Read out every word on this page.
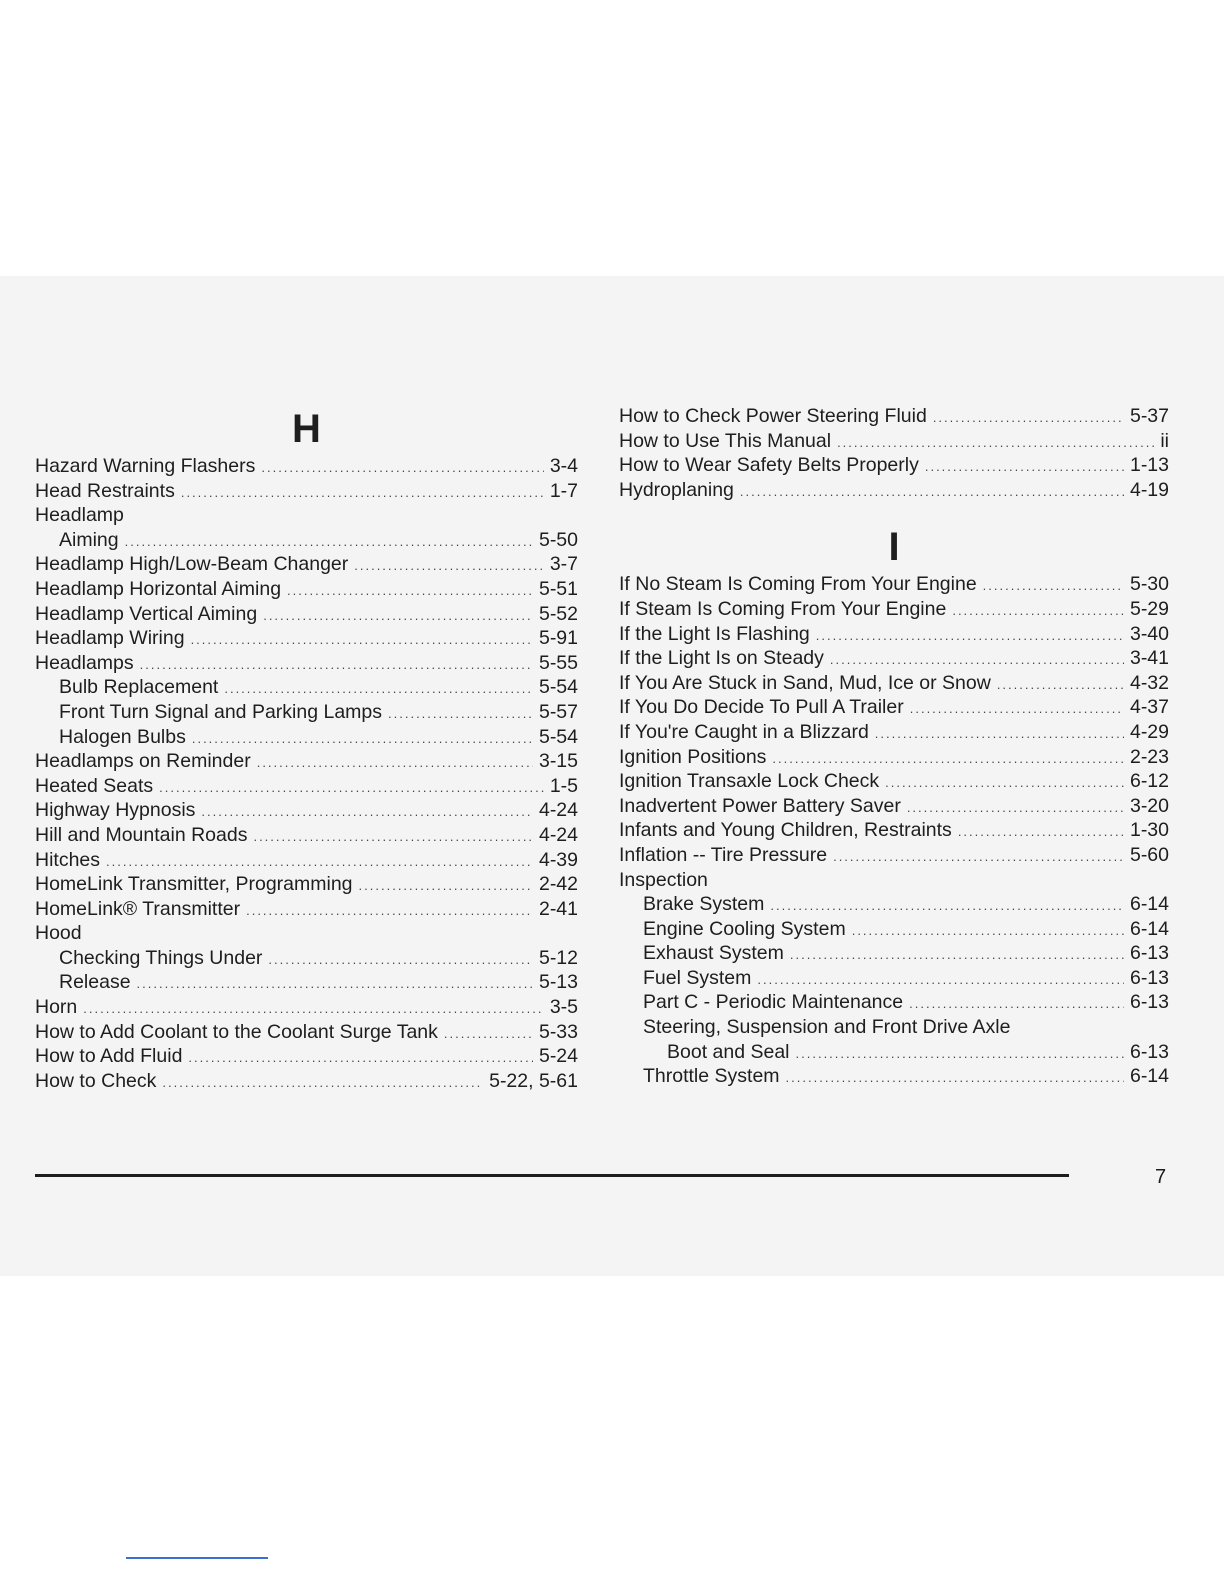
H
Hazard Warning Flashers .....	3-4
Head Restraints .....	1-7
Headlamp
Aiming .....	5-50
Headlamp High/Low-Beam Changer .....	3-7
Headlamp Horizontal Aiming .....	5-51
Headlamp Vertical Aiming .....	5-52
Headlamp Wiring .....	5-91
Headlamps .....	5-55
Bulb Replacement .....	5-54
Front Turn Signal and Parking Lamps .....	5-57
Halogen Bulbs .....	5-54
Headlamps on Reminder .....	3-15
Heated Seats .....	1-5
Highway Hypnosis .....	4-24
Hill and Mountain Roads .....	4-24
Hitches .....	4-39
HomeLink Transmitter, Programming .....	2-42
HomeLink® Transmitter .....	2-41
Hood
Checking Things Under .....	5-12
Release .....	5-13
Horn .....	3-5
How to Add Coolant to the Coolant Surge Tank .....	5-33
How to Add Fluid .....	5-24
How to Check .....	5-22, 5-61
How to Check Power Steering Fluid .....	5-37
How to Use This Manual .....	ii
How to Wear Safety Belts Properly .....	1-13
Hydroplaning .....	4-19
I
If No Steam Is Coming From Your Engine .....	5-30
If Steam Is Coming From Your Engine .....	5-29
If the Light Is Flashing .....	3-40
If the Light Is on Steady .....	3-41
If You Are Stuck in Sand, Mud, Ice or Snow .....	4-32
If You Do Decide To Pull A Trailer .....	4-37
If You're Caught in a Blizzard .....	4-29
Ignition Positions .....	2-23
Ignition Transaxle Lock Check .....	6-12
Inadvertent Power Battery Saver .....	3-20
Infants and Young Children, Restraints .....	1-30
Inflation -- Tire Pressure .....	5-60
Inspection
Brake System .....	6-14
Engine Cooling System .....	6-14
Exhaust System .....	6-13
Fuel System .....	6-13
Part C - Periodic Maintenance .....	6-13
Steering, Suspension and Front Drive Axle
Boot and Seal .....	6-13
Throttle System .....	6-14
7
